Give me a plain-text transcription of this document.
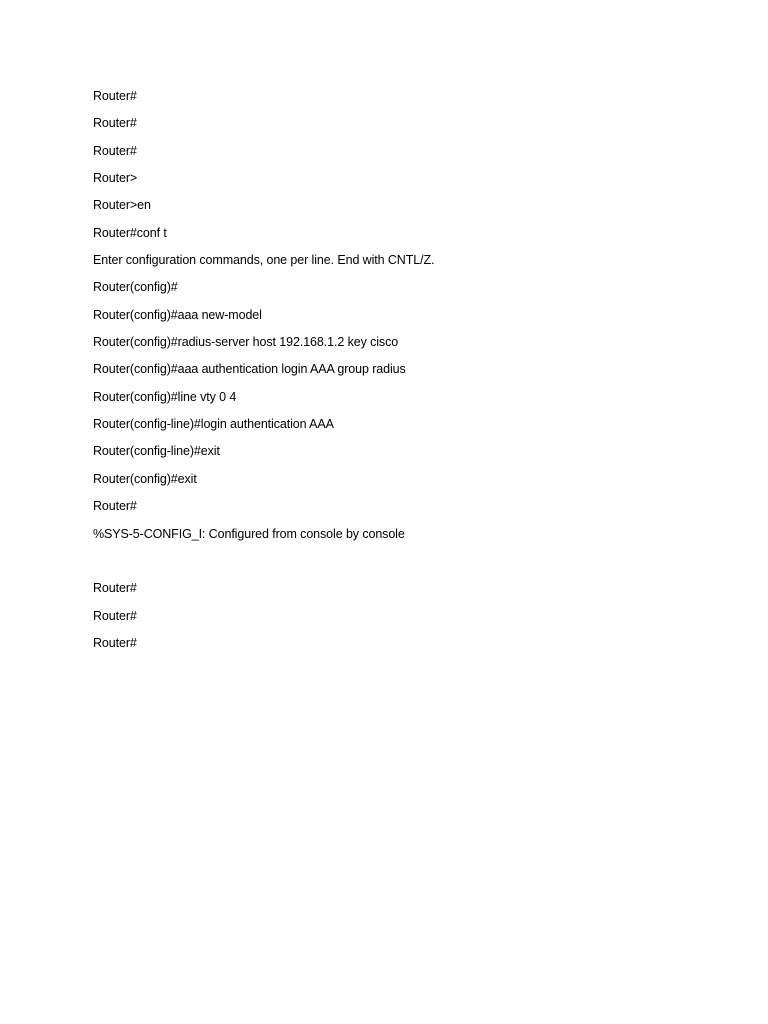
Router#
Router#
Router#
Router>
Router>en
Router#conf t
Enter configuration commands, one per line. End with CNTL/Z.
Router(config)#
Router(config)#aaa new-model
Router(config)#radius-server host 192.168.1.2 key cisco
Router(config)#aaa authentication login AAA group radius
Router(config)#line vty 0 4
Router(config-line)#login authentication AAA
Router(config-line)#exit
Router(config)#exit
Router#
%SYS-5-CONFIG_I: Configured from console by console
Router#
Router#
Router#
